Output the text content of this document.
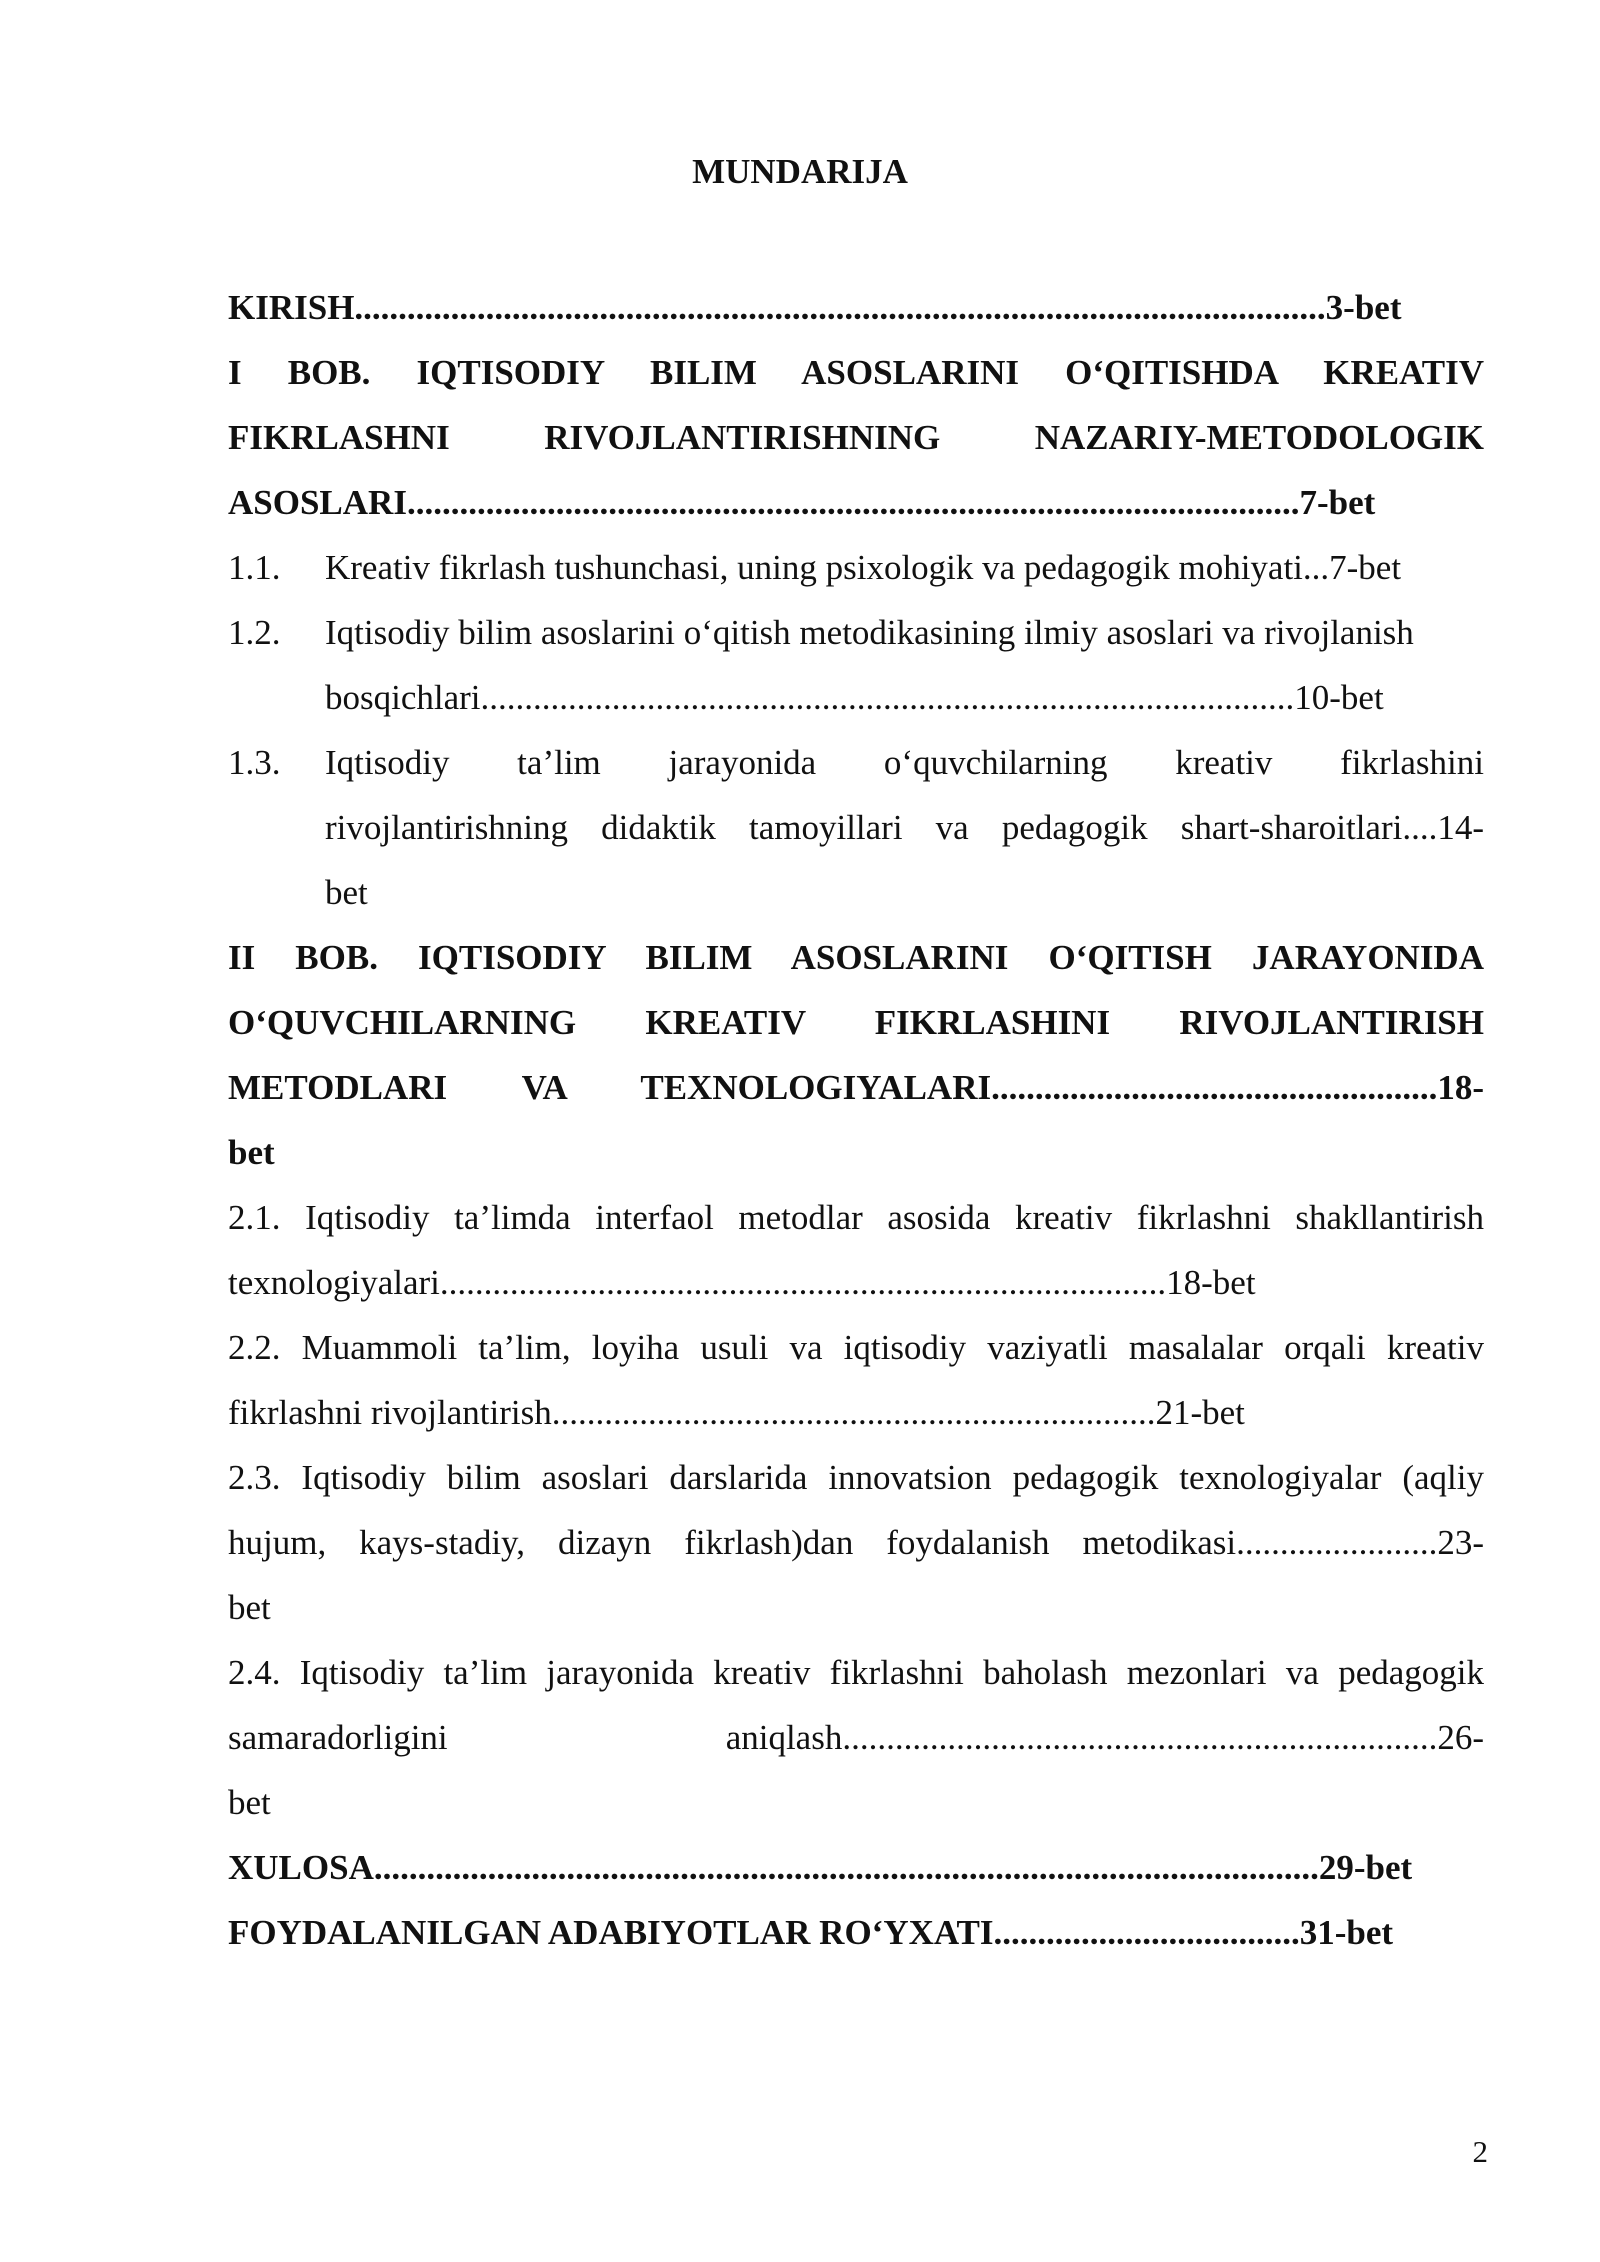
MUNDARIJA
KIRISH...............................................................................................................3-bet
I BOB. IQTISODIY BILIM ASOSLARINI O‘QITISHDA KREATIV
FIKRLASHNI RIVOJLANTIRISHNING NAZARIY-METODOLOGIK
ASOSLARI......................................................................................................7-bet
1.1. Kreativ fikrlash tushunchasi, uning psixologik va pedagogik mohiyati...7-bet
1.2. Iqtisodiy bilim asoslarini o‘qitish metodikasining ilmiy asoslari va rivojlanish
bosqichlari.............................................................................................10-bet
1.3. Iqtisodiy ta’lim jarayonida o‘quvchilarning kreativ fikrlashini
rivojlantirishning didaktik tamoyillari va pedagogik shart-sharoitlari....14-
bet
II BOB. IQTISODIY BILIM ASOSLARINI O‘QITISH JARAYONIDA
O‘QUVCHILARNING KREATIV FIKRLASHINI RIVOJLANTIRISH
METODLARI VA TEXNOLOGIYALARI...................................................18-
bet
2.1. Iqtisodiy ta’limda interfaol metodlar asosida kreativ fikrlashni shakllantirish
texnologiyalari...................................................................................18-bet
2.2. Muammoli ta’lim, loyiha usuli va iqtisodiy vaziyatli masalalar orqali kreativ
fikrlashni rivojlantirish.....................................................................21-bet
2.3. Iqtisodiy bilim asoslari darslarida innovatsion pedagogik texnologiyalar (aqliy
hujum, kays-stadiy, dizayn fikrlash)dan foydalanish metodikasi.......................23-
bet
2.4. Iqtisodiy ta’lim jarayonida kreativ fikrlashni baholash mezonlari va pedagogik
samaradorligini aniqlash....................................................................26-
bet
XULOSA............................................................................................................29-bet
FOYDALANILGAN ADABIYOTLAR RO‘YXATI...................................31-bet
2
